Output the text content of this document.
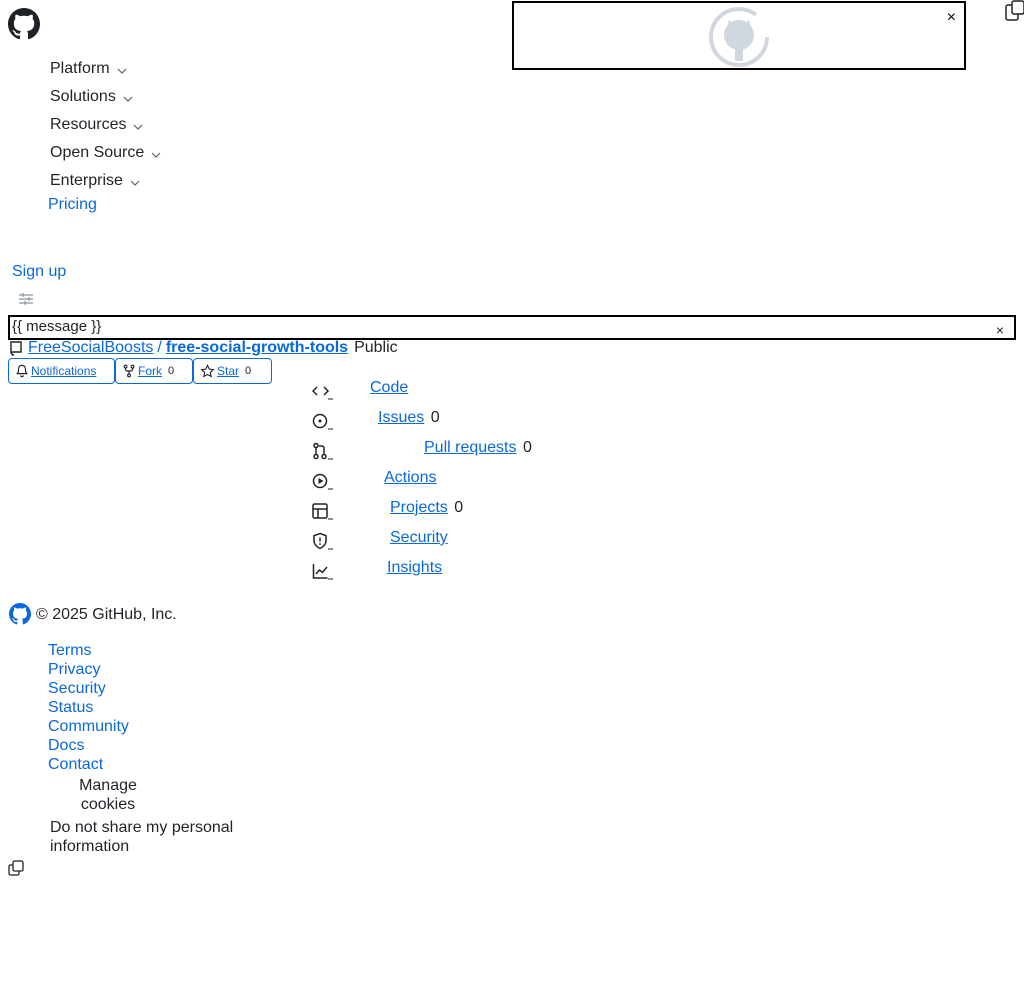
Platform
Solutions
Resources
Open Source
Enterprise
Pricing
Sign up
×
{{ message }}	×
FreeSocialBoosts / free-social-growth-tools Public
Notifications	Fork 0	Star 0
Code
Issues 0
Pull requests 0
Actions
Projects 0
Security
Insights
© 2025 GitHub, Inc.
Terms
Privacy
Security
Status
Community
Docs
Contact
Manage cookies
Do not share my personal information
